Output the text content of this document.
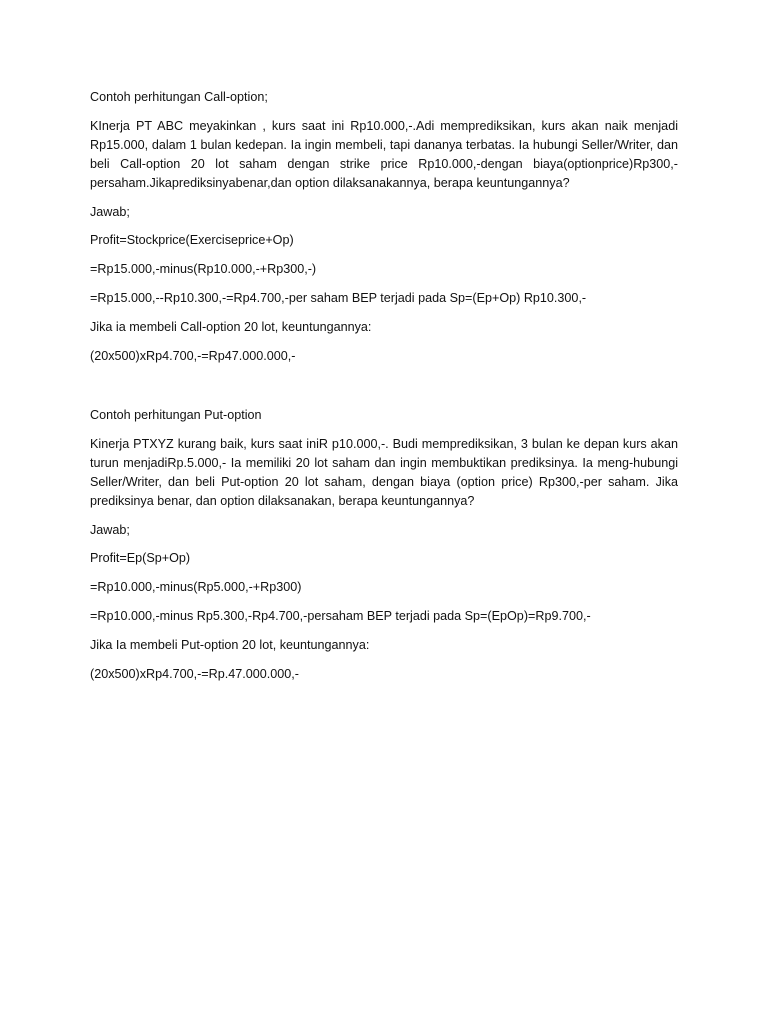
Contoh perhitungan Call-option;

KInerja PT ABC meyakinkan , kurs saat ini Rp10.000,-.Adi memprediksikan, kurs akan naik menjadi Rp15.000, dalam 1 bulan kedepan. Ia ingin membeli, tapi dananya terbatas. Ia hubungi Seller/Writer, dan beli Call-option 20 lot saham dengan strike price Rp10.000,-dengan biaya(optionprice)Rp300,-persaham.Jikaprediksinyabenar,dan option dilaksanakannya, berapa keuntungannya?

Jawab;

Profit=Stockprice(Exerciseprice+Op)

=Rp15.000,-minus(Rp10.000,-+Rp300,-)

=Rp15.000,--Rp10.300,-=Rp4.700,-per saham BEP terjadi pada Sp=(Ep+Op) Rp10.300,-

Jika ia membeli Call-option 20 lot, keuntungannya:

(20x500)xRp4.700,-=Rp47.000.000,-

Contoh perhitungan Put-option

Kinerja PTXYZ kurang baik, kurs saat iniR p10.000,-. Budi memprediksikan, 3 bulan ke depan kurs akan turun menjadiRp.5.000,- Ia memiliki 20 lot saham dan ingin membuktikan prediksinya. Ia meng-hubungi Seller/Writer, dan beli Put-option 20 lot saham, dengan biaya (option price) Rp300,-per saham. Jika prediksinya benar, dan option dilaksanakan, berapa keuntungannya?

Jawab;

Profit=Ep(Sp+Op)

=Rp10.000,-minus(Rp5.000,-+Rp300)

=Rp10.000,-minus Rp5.300,-Rp4.700,-persaham BEP terjadi pada Sp=(EpOp)=Rp9.700,-

Jika Ia membeli Put-option 20 lot, keuntungannya:

(20x500)xRp4.700,-=Rp.47.000.000,-
